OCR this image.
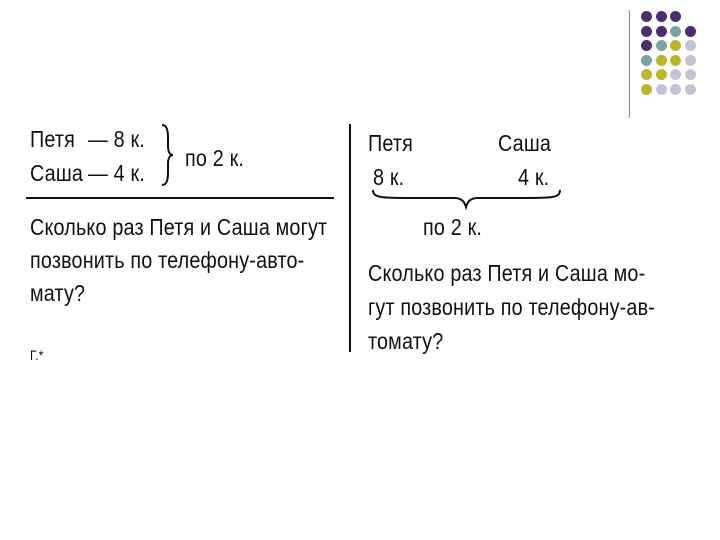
Петя — 8 к.
Саша — 4 к.
по 2 к.
Сколько раз Петя и Саша могут
позвонить по телефону-авто-
мату?
Г.*
Петя	Саша
8 к.	4 к.
по 2 к.
Сколько раз Петя и Саша мо-
гут позвонить по телефону-ав-
томату?
